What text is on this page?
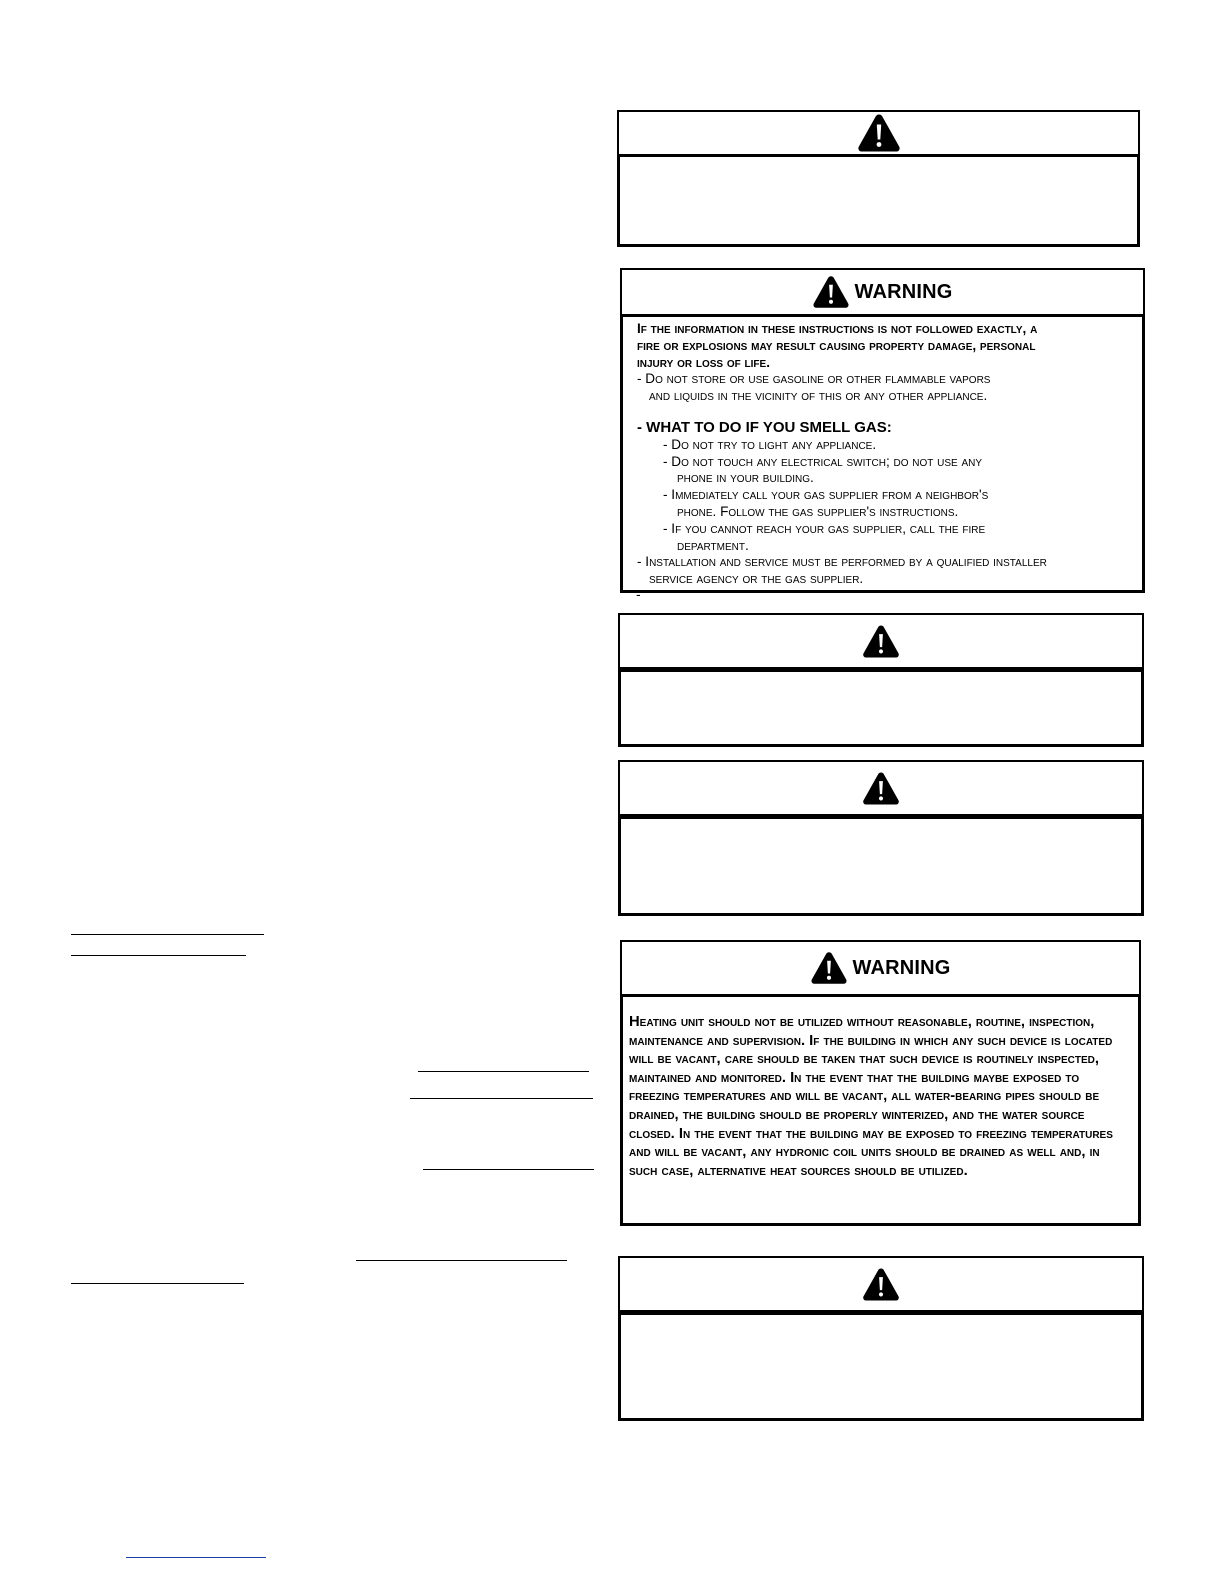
WARNING
If the information in these instructions is not followed exactly, a
fire or explosions may result causing property damage, personal
injury or loss of life.
- Do not store or use gasoline or other flammable vapors
and liquids in the vicinity of this or any other appliance.
- WHAT TO DO IF YOU SMELL GAS:
- Do not try to light any appliance.
- Do not touch any electrical switch; do not use any
phone in your building.
- Immediately call your gas supplier from a neighbor's
phone. Follow the gas supplier's instructions.
- If you cannot reach your gas supplier, call the fire
department.
- Installation and service must be performed by a qualified installer
service agency or the gas supplier.
-
WARNING
Heating unit should not be utilized without reasonable, routine, inspection, maintenance and supervision. If the building in which any such device is located will be vacant, care should be taken that such device is routinely inspected, maintained and monitored. In the event that the building maybe exposed to freezing temperatures and will be vacant, all water-bearing pipes should be drained, the building should be properly winterized, and the water source closed. In the event that the building may be exposed to freezing temperatures and will be vacant, any hydronic coil units should be drained as well and, in such case, alternative heat sources should be utilized.
